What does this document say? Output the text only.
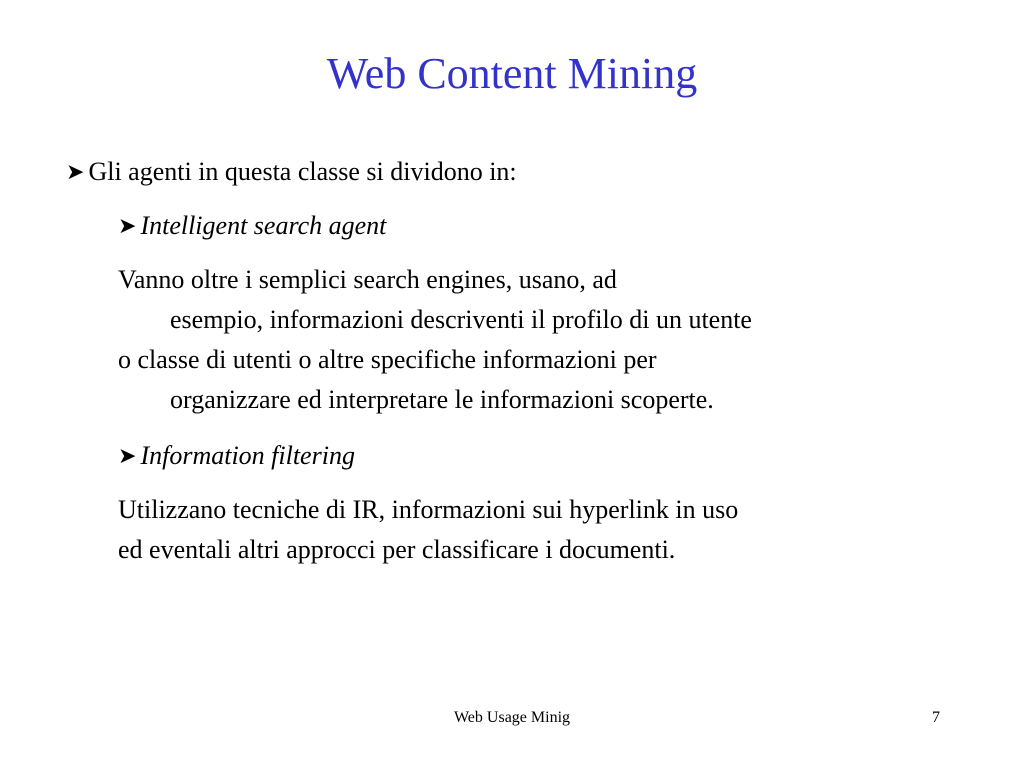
Web Content Mining
➤ Gli agenti in questa classe si dividono in:
➤ Intelligent search agent
Vanno oltre i semplici search engines, usano, ad
esempio, informazioni descriventi il profilo di un utente
o classe di utenti o altre specifiche informazioni per
organizzare ed interpretare le informazioni scoperte.
➤ Information filtering
Utilizzano tecniche di IR, informazioni sui hyperlink in uso
ed eventali altri approcci per classificare i documenti.
Web Usage Minig	7
